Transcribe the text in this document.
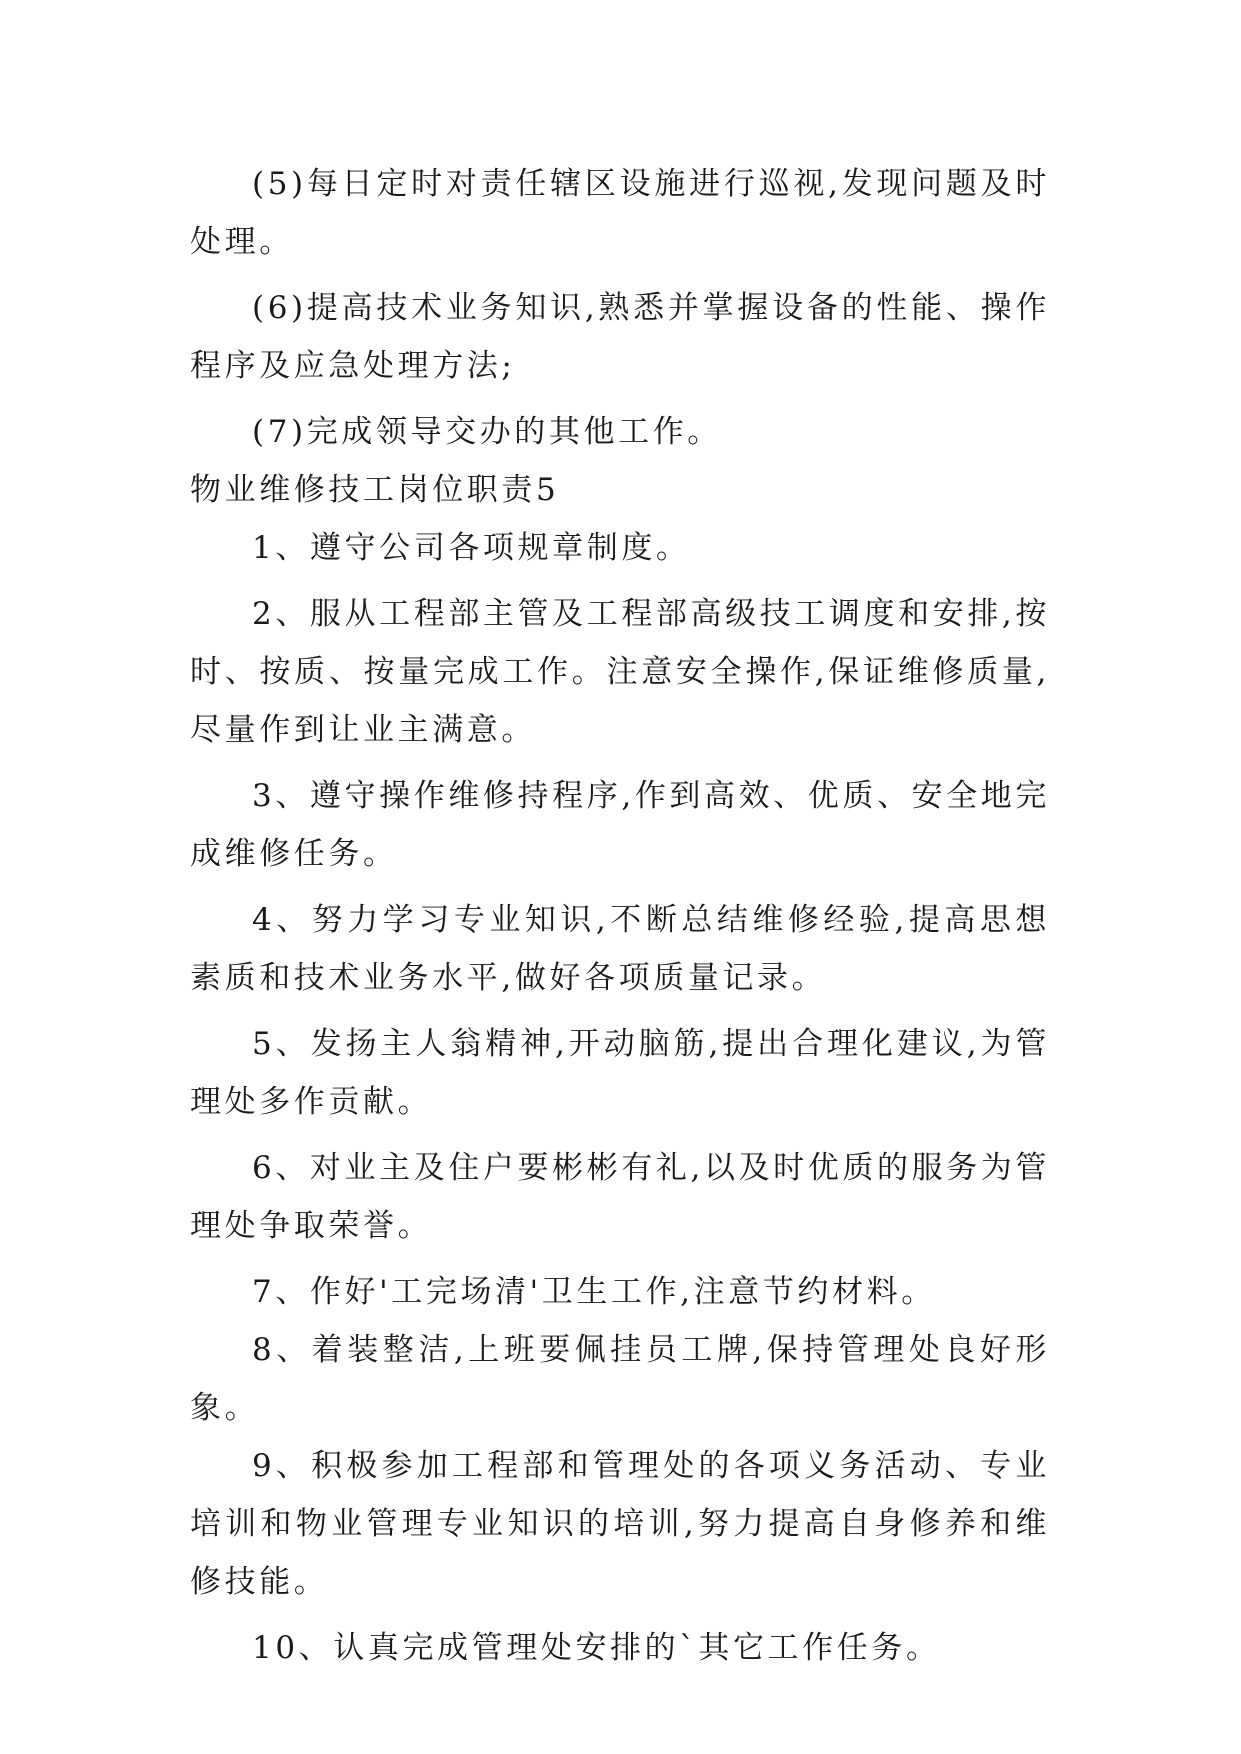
(5)每日定时对责任辖区设施进行巡视,发现问题及时处理。

(6)提高技术业务知识,熟悉并掌握设备的性能、操作程序及应急处理方法;

(7)完成领导交办的其他工作。

物业维修技工岗位职责5

1、遵守公司各项规章制度。

2、服从工程部主管及工程部高级技工调度和安排,按时、按质、按量完成工作。注意安全操作,保证维修质量,尽量作到让业主满意。

3、遵守操作维修持程序,作到高效、优质、安全地完成维修任务。

4、努力学习专业知识,不断总结维修经验,提高思想素质和技术业务水平,做好各项质量记录。

5、发扬主人翁精神,开动脑筋,提出合理化建议,为管理处多作贡献。

6、对业主及住户要彬彬有礼,以及时优质的服务为管理处争取荣誉。

7、作好'工完场清'卫生工作,注意节约材料。

8、着装整洁,上班要佩挂员工牌,保持管理处良好形象。

9、积极参加工程部和管理处的各项义务活动、专业培训和物业管理专业知识的培训,努力提高自身修养和维修技能。

10、认真完成管理处安排的`其它工作任务。
